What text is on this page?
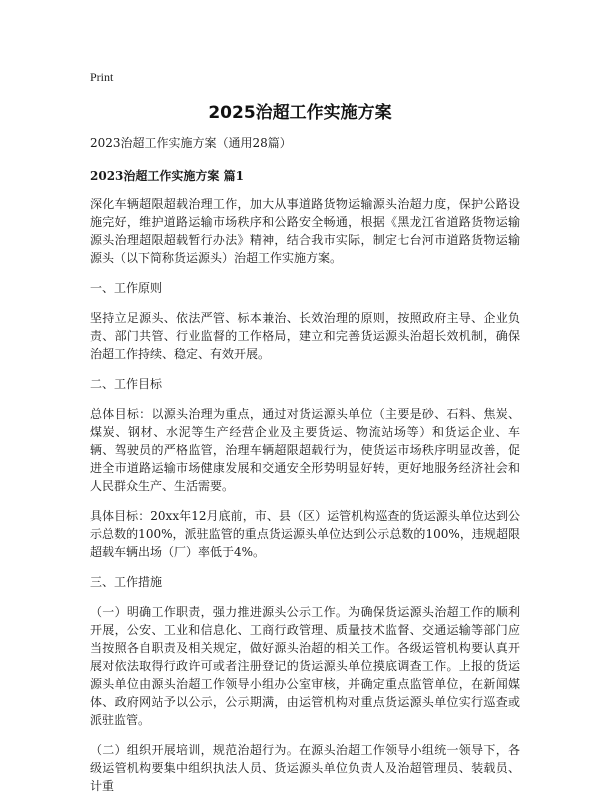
Print
2025治超工作实施方案

2023治超工作实施方案（通用28篇）

2023治超工作实施方案 篇1

深化车辆超限超载治理工作，加大从事道路货物运输源头治超力度，保护公路设施完好，维护道路运输市场秩序和公路安全畅通，根据《黑龙江省道路货物运输源头治理超限超载暂行办法》精神，结合我市实际，制定七台河市道路货物运输源头（以下简称货运源头）治超工作实施方案。

一、工作原则

坚持立足源头、依法严管、标本兼治、长效治理的原则，按照政府主导、企业负责、部门共管、行业监督的工作格局，建立和完善货运源头治超长效机制，确保治超工作持续、稳定、有效开展。

二、工作目标

总体目标：以源头治理为重点，通过对货运源头单位（主要是砂、石料、焦炭、煤炭、钢材、水泥等生产经营企业及主要货运、物流站场等）和货运企业、车辆、驾驶员的严格监管，治理车辆超限超载行为，使货运市场秩序明显改善，促进全市道路运输市场健康发展和交通安全形势明显好转，更好地服务经济社会和人民群众生产、生活需要。

具体目标：20xx年12月底前，市、县（区）运管机构巡查的货运源头单位达到公示总数的100%，派驻监管的重点货运源头单位达到公示总数的100%，违规超限超载车辆出场（厂）率低于4%。

三、工作措施

（一）明确工作职责，强力推进源头公示工作。为确保货运源头治超工作的顺利开展，公安、工业和信息化、工商行政管理、质量技术监督、交通运输等部门应当按照各自职责及相关规定，做好源头治超的相关工作。各级运管机构要认真开展对依法取得行政许可或者注册登记的货运源头单位摸底调查工作。上报的货运源头单位由源头治超工作领导小组办公室审核，并确定重点监管单位，在新闻媒体、政府网站予以公示，公示期满，由运管机构对重点货运源头单位实行巡查或派驻监管。

（二）组织开展培训，规范治超行为。在源头治超工作领导小组统一领导下，各级运管机构要集中组织执法人员、货运源头单位负责人及治超管理员、装载员、计重
